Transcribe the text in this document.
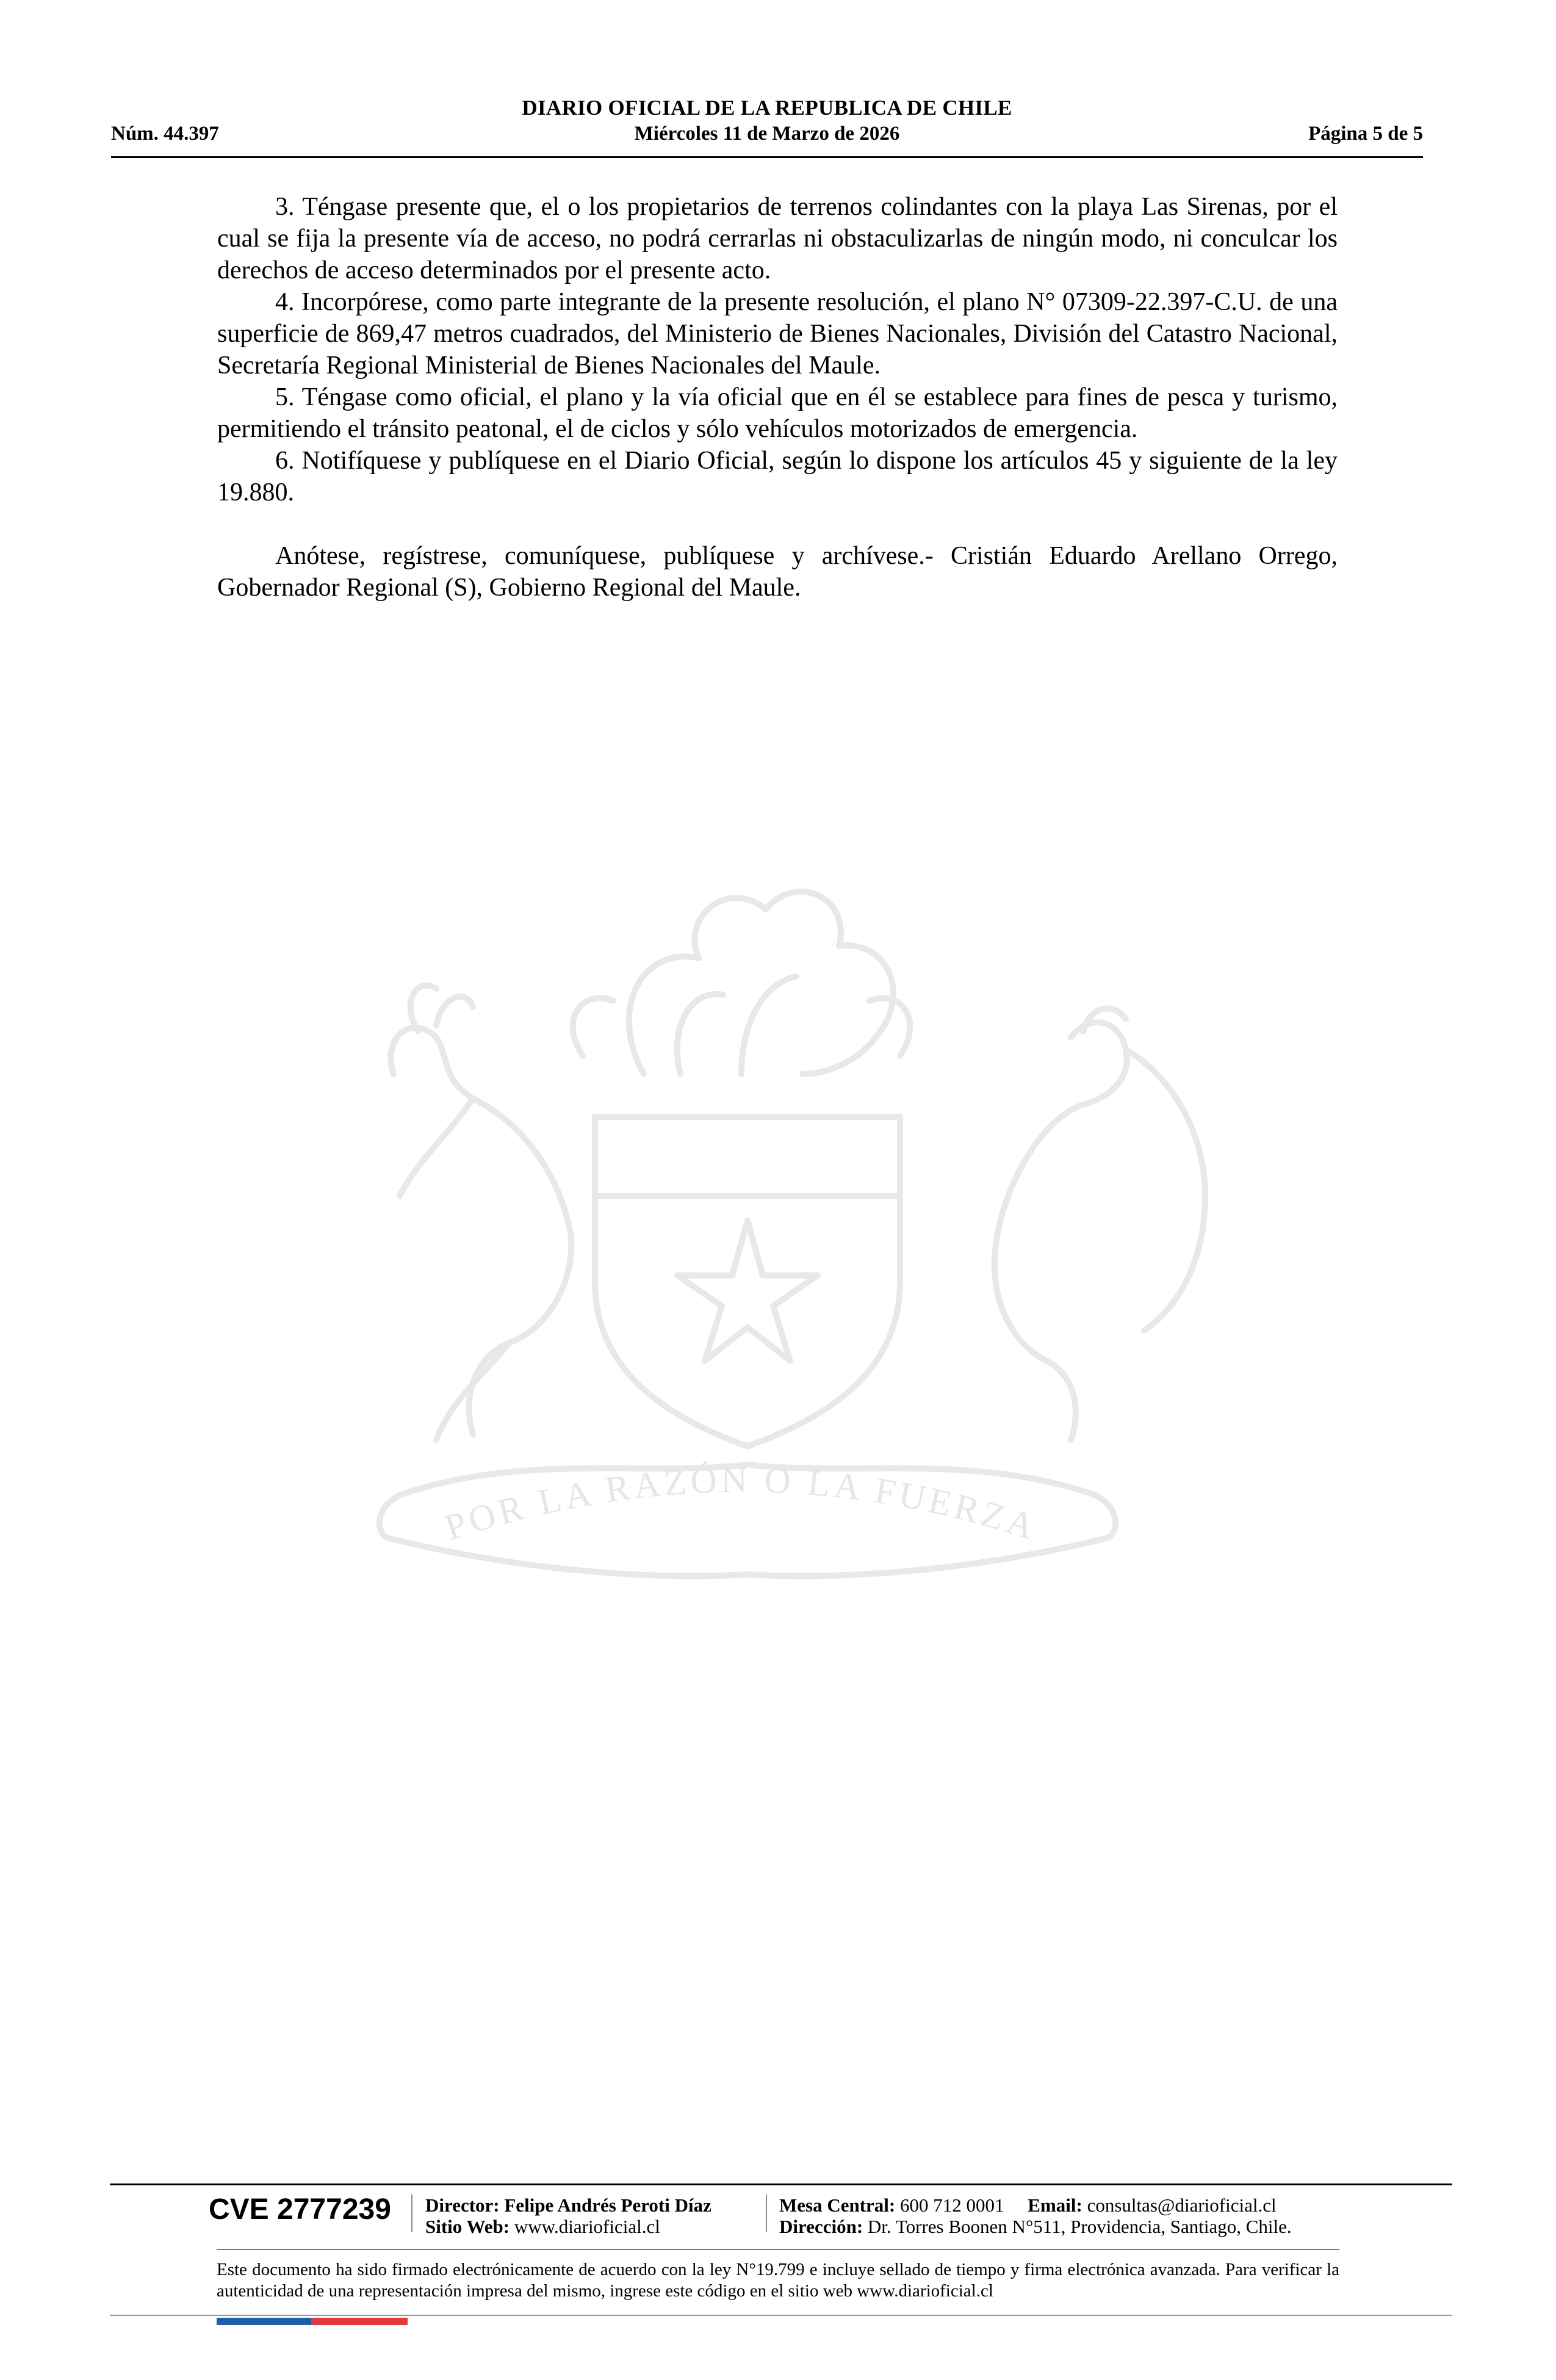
DIARIO OFICIAL DE LA REPUBLICA DE CHILE
Núm. 44.397	Miércoles 11 de Marzo de 2026	Página 5 de 5

3. Téngase presente que, el o los propietarios de terrenos colindantes con la playa Las Sirenas, por el cual se fija la presente vía de acceso, no podrá cerrarlas ni obstaculizarlas de ningún modo, ni conculcar los derechos de acceso determinados por el presente acto.

4. Incorpórese, como parte integrante de la presente resolución, el plano N° 07309-22.397-C.U. de una superficie de 869,47 metros cuadrados, del Ministerio de Bienes Nacionales, División del Catastro Nacional, Secretaría Regional Ministerial de Bienes Nacionales del Maule.

5. Téngase como oficial, el plano y la vía oficial que en él se establece para fines de pesca y turismo, permitiendo el tránsito peatonal, el de ciclos y sólo vehículos motorizados de emergencia.

6. Notifíquese y publíquese en el Diario Oficial, según lo dispone los artículos 45 y siguiente de la ley 19.880.

Anótese, regístrese, comuníquese, publíquese y archívese.- Cristián Eduardo Arellano Orrego, Gobernador Regional (S), Gobierno Regional del Maule.

POR LA RAZÓN O LA FUERZA
CVE 2777239 Director: Felipe Andrés Peroti Díaz
Sitio Web: www.diarioficial.cl
Mesa Central: 600 712 0001 Email: consultas@diarioficial.cl
Dirección: Dr. Torres Boonen N°511, Providencia, Santiago, Chile.
Este documento ha sido firmado electrónicamente de acuerdo con la ley N°19.799 e incluye sellado de tiempo y firma electrónica avanzada. Para verificar la autenticidad de una representación impresa del mismo, ingrese este código en el sitio web www.diarioficial.cl
